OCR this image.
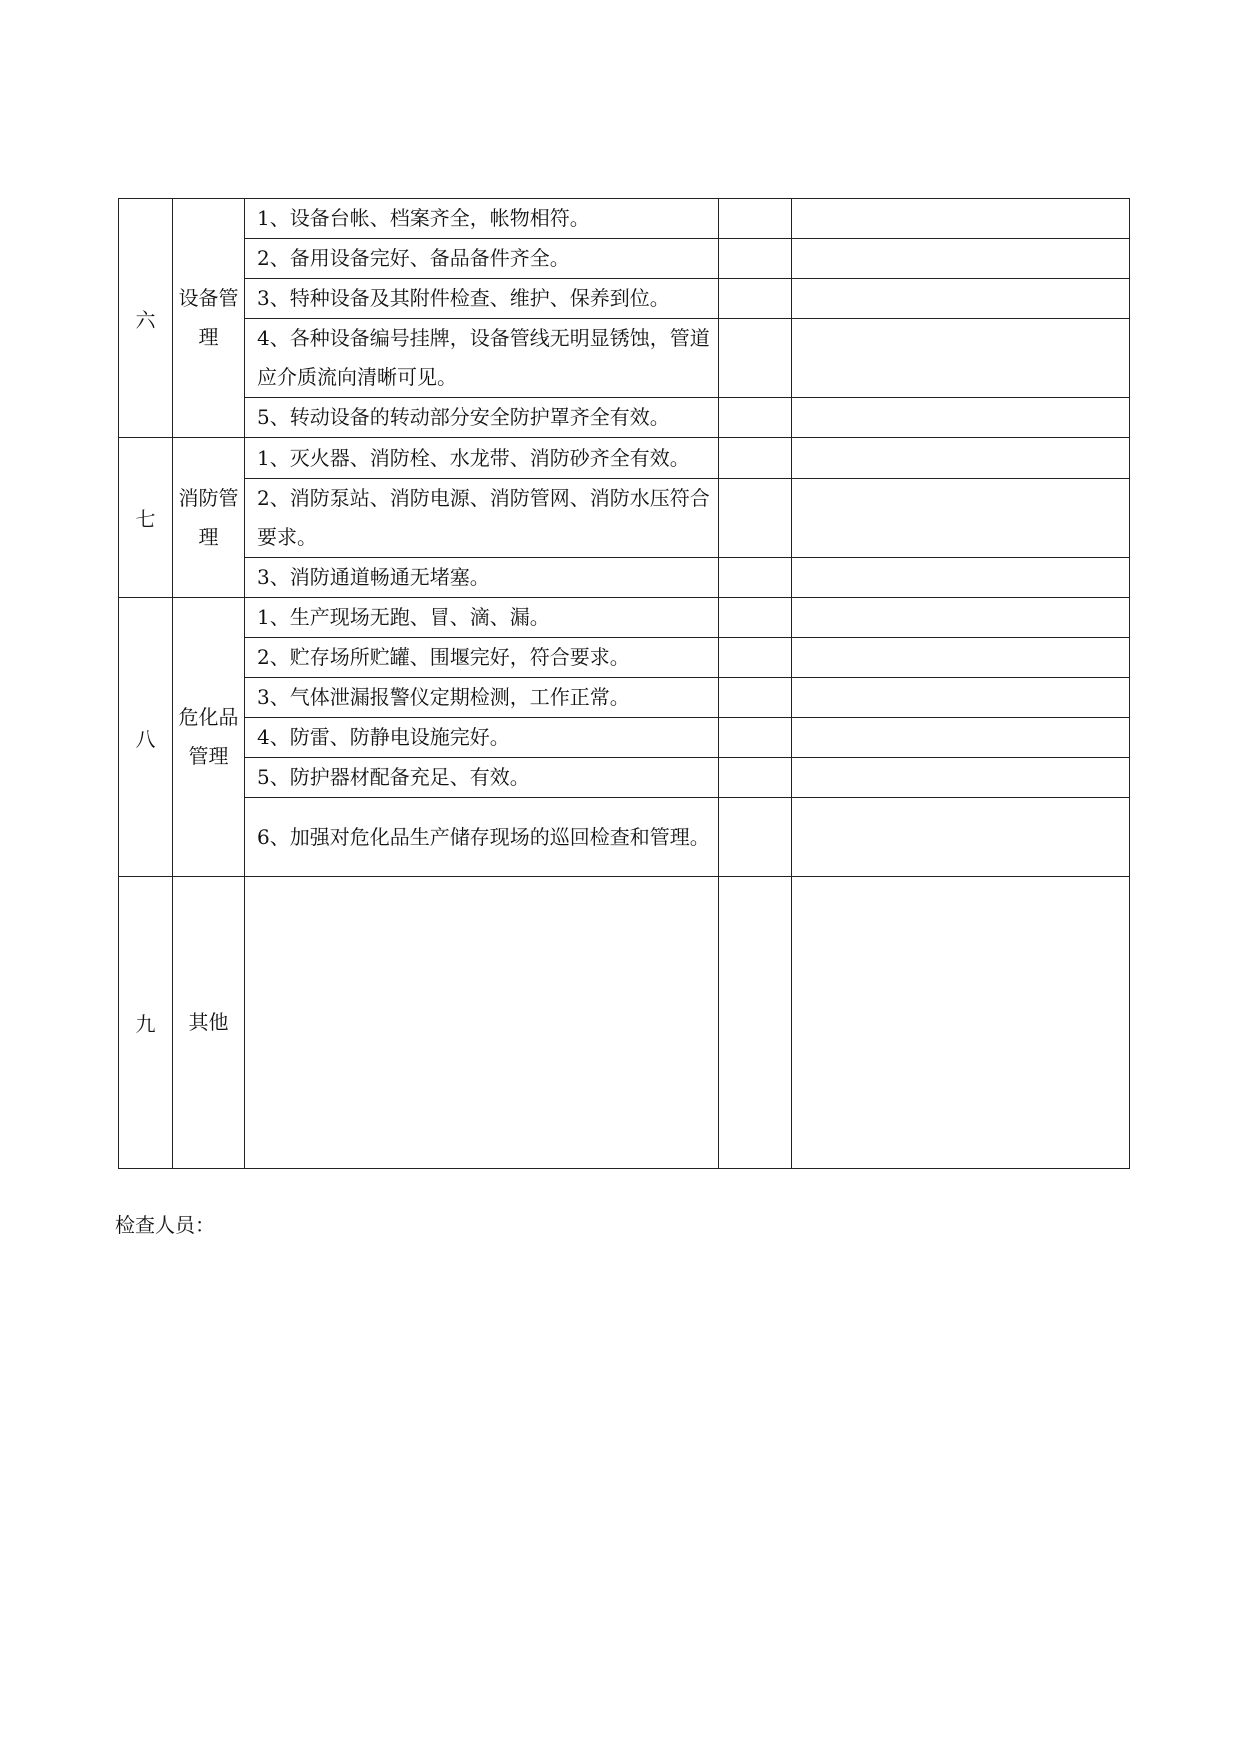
六	设备管理	1、设备台帐、档案齐全，帐物相符。		
		2、备用设备完好、备品备件齐全。		
		3、特种设备及其附件检查、维护、保养到位。		
		4、各种设备编号挂牌，设备管线无明显锈蚀，管道应介质流向清晰可见。		
		5、转动设备的转动部分安全防护罩齐全有效。		
七	消防管理	1、灭火器、消防栓、水龙带、消防砂齐全有效。		
		2、消防泵站、消防电源、消防管网、消防水压符合要求。		
		3、消防通道畅通无堵塞。		
八	危化品管理	1、生产现场无跑、冒、滴、漏。		
		2、贮存场所贮罐、围堰完好，符合要求。		
		3、气体泄漏报警仪定期检测，工作正常。		
		4、防雷、防静电设施完好。		
		5、防护器材配备充足、有效。		
		6、加强对危化品生产储存现场的巡回检查和管理。		
九	其他			
检查人员：
